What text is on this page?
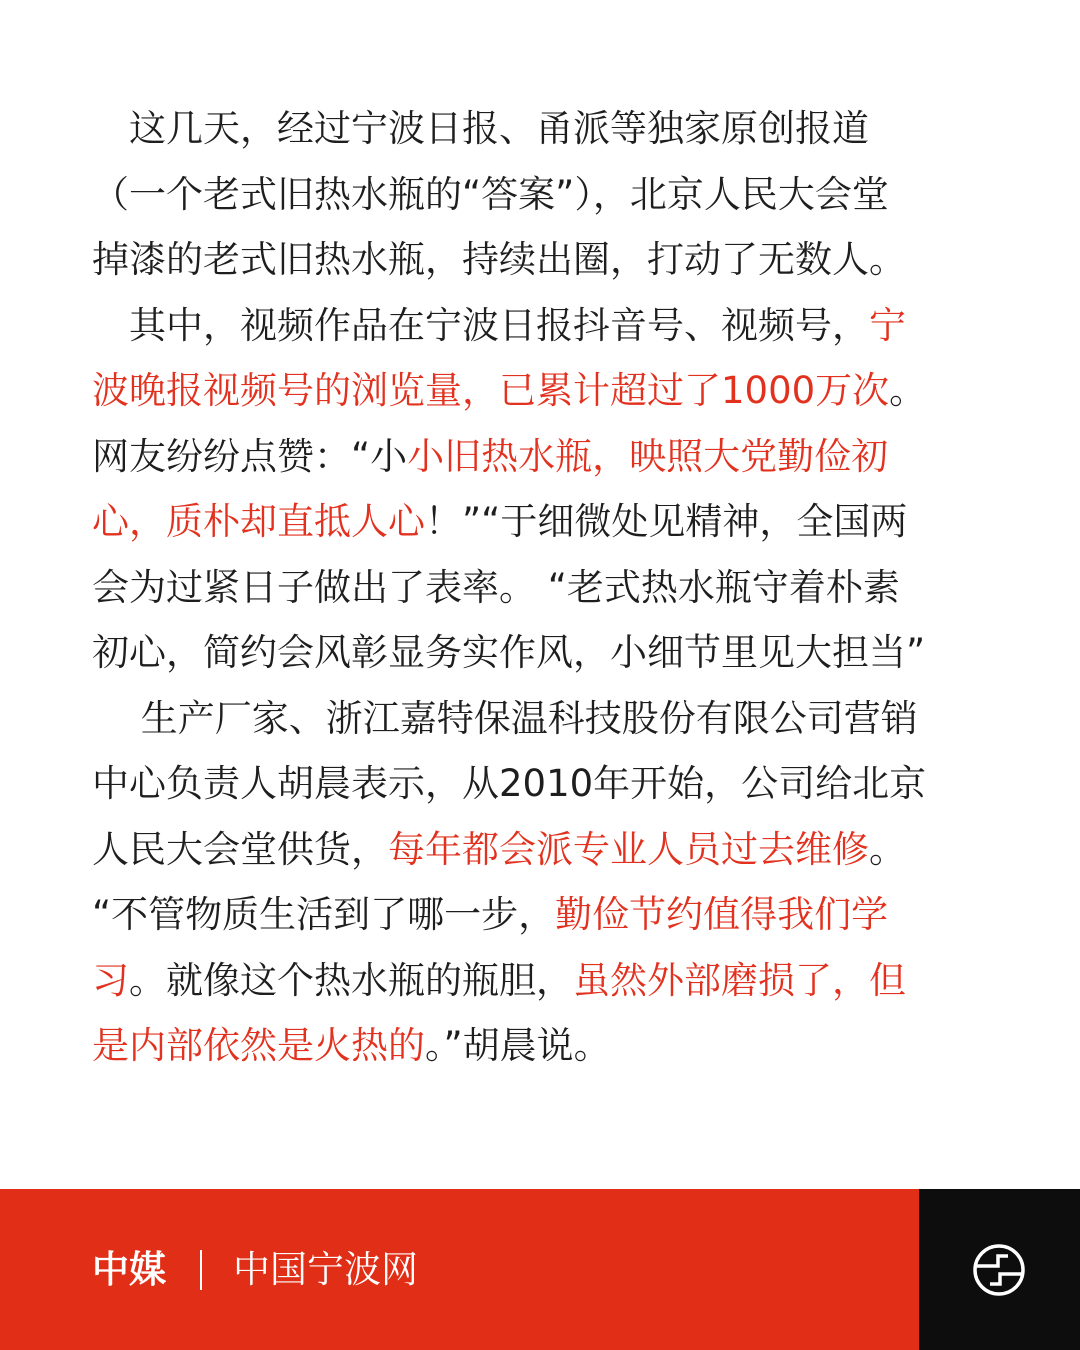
　这几天，经过宁波日报、甬派等独家原创报道
（一个老式旧热水瓶的“答案”），北京人民大会堂
掉漆的老式旧热水瓶，持续出圈，打动了无数人。
　其中，视频作品在宁波日报抖音号、视频号，宁
波晚报视频号的浏览量，已累计超过了1000万次。
网友纷纷点赞：“小小旧热水瓶，映照大党勤俭初
心，质朴却直抵人心！”“于细微处见精神，全国两
会为过紧日子做出了表率。 “老式热水瓶守着朴素
初心，简约会风彰显务实作风，小细节里见大担当”
　 生产厂家、浙江嘉特保温科技股份有限公司营销
中心负责人胡晨表示，从2010年开始，公司给北京
人民大会堂供货，每年都会派专业人员过去维修。
“不管物质生活到了哪一步，勤俭节约值得我们学
习。就像这个热水瓶的瓶胆，虽然外部磨损了，但
是内部依然是火热的。”胡晨说。
中媒 中国宁波网
